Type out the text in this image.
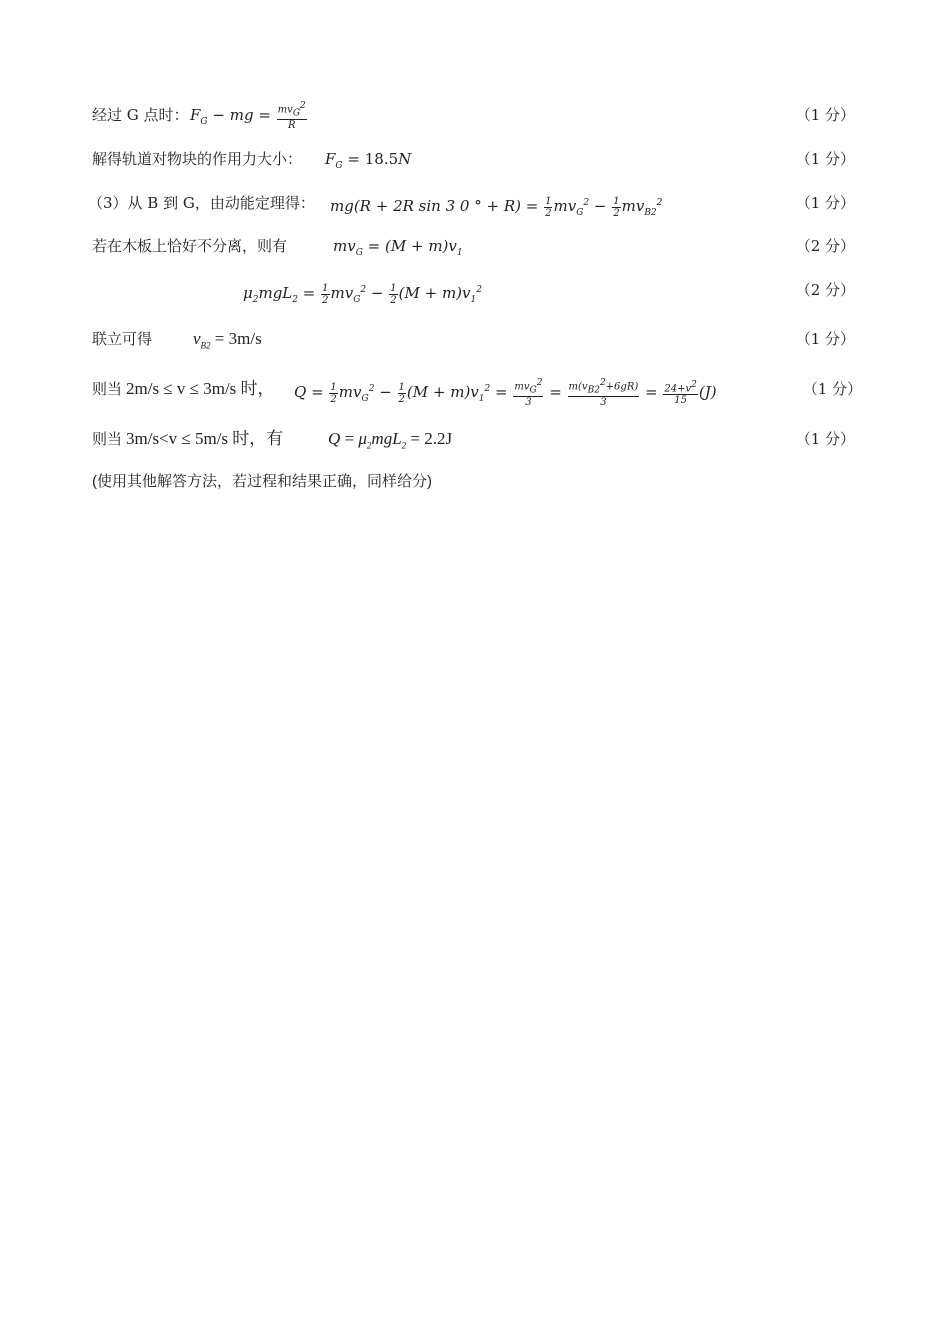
经过 G 点时： $F_G$ − mg = $\frac{mv_G^2}{R}$	（1 分）
解得轨道对物块的作用力大小： $F_G = 18.5N$	（1 分）
（3）从 B 到 G，由动能定理得： mg(R + 2R sin 3 0 ° + $R) = \frac{1}{2} mv_G^2 - \frac{1}{2} mv_{B2}^2$	（1 分）
若在木板上恰好不分离，则有	$mv_G = (M + m)v_1$	（2 分）
$\mu_2mgL_2 = \frac{1}{2} mv_G^2 - \frac{1}{2} (M + m)v_1^2$	（2 分）
联立可得 $v_{B2} = 3m/s$	（1 分）
则当 2m/s ≤ v ≤ 3m/s 时， $Q = \frac{1}{2} mv_G^2 - \frac{1}{2} (M + m)v_1^2 = \frac{mv_G^2}{3} = \frac{m(v_{B2}^2+6gR)}{3} = \frac{24+v^2}{15} (J)$	（1 分）
则当 3m/s<v ≤ 5m/s 时，有	$Q = \mu_2mgL_2 = 2.2J$	（1 分）
(使用其他解答方法，若过程和结果正确，同样给分)
